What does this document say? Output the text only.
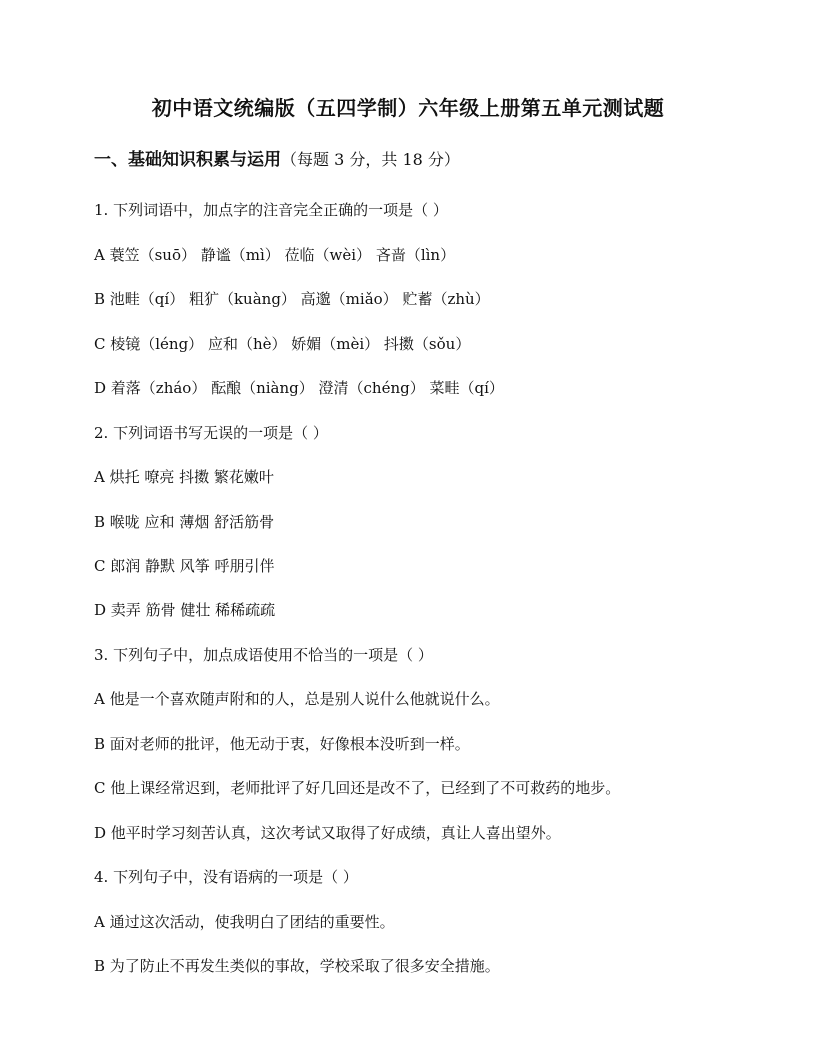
初中语文统编版（五四学制）六年级上册第五单元测试题
一、基础知识积累与运用（每题 3 分，共 18 分）
1. 下列词语中，加点字的注音完全正确的一项是（ ）
A 蓑笠（suō） 静谧（mì） 莅临（wèi） 吝啬（lìn）
B 池畦（qí） 粗犷（kuàng） 高邈（miǎo） 贮蓄（zhù）
C 棱镜（léng） 应和（hè） 娇媚（mèi） 抖擞（sǒu）
D 着落（zháo） 酝酿（niàng） 澄清（chéng） 菜畦（qí）
2. 下列词语书写无误的一项是（ ）
A 烘托 嘹亮 抖擞 繁花嫩叶
B 喉咙 应和 薄烟 舒活筋骨
C 郎润 静默 风筝 呼朋引伴
D 卖弄 筋骨 健壮 稀稀疏疏
3. 下列句子中，加点成语使用不恰当的一项是（ ）
A 他是一个喜欢随声附和的人，总是别人说什么他就说什么。
B 面对老师的批评，他无动于衷，好像根本没听到一样。
C 他上课经常迟到，老师批评了好几回还是改不了，已经到了不可救药的地步。
D 他平时学习刻苦认真，这次考试又取得了好成绩，真让人喜出望外。
4. 下列句子中，没有语病的一项是（ ）
A 通过这次活动，使我明白了团结的重要性。
B 为了防止不再发生类似的事故，学校采取了很多安全措施。
